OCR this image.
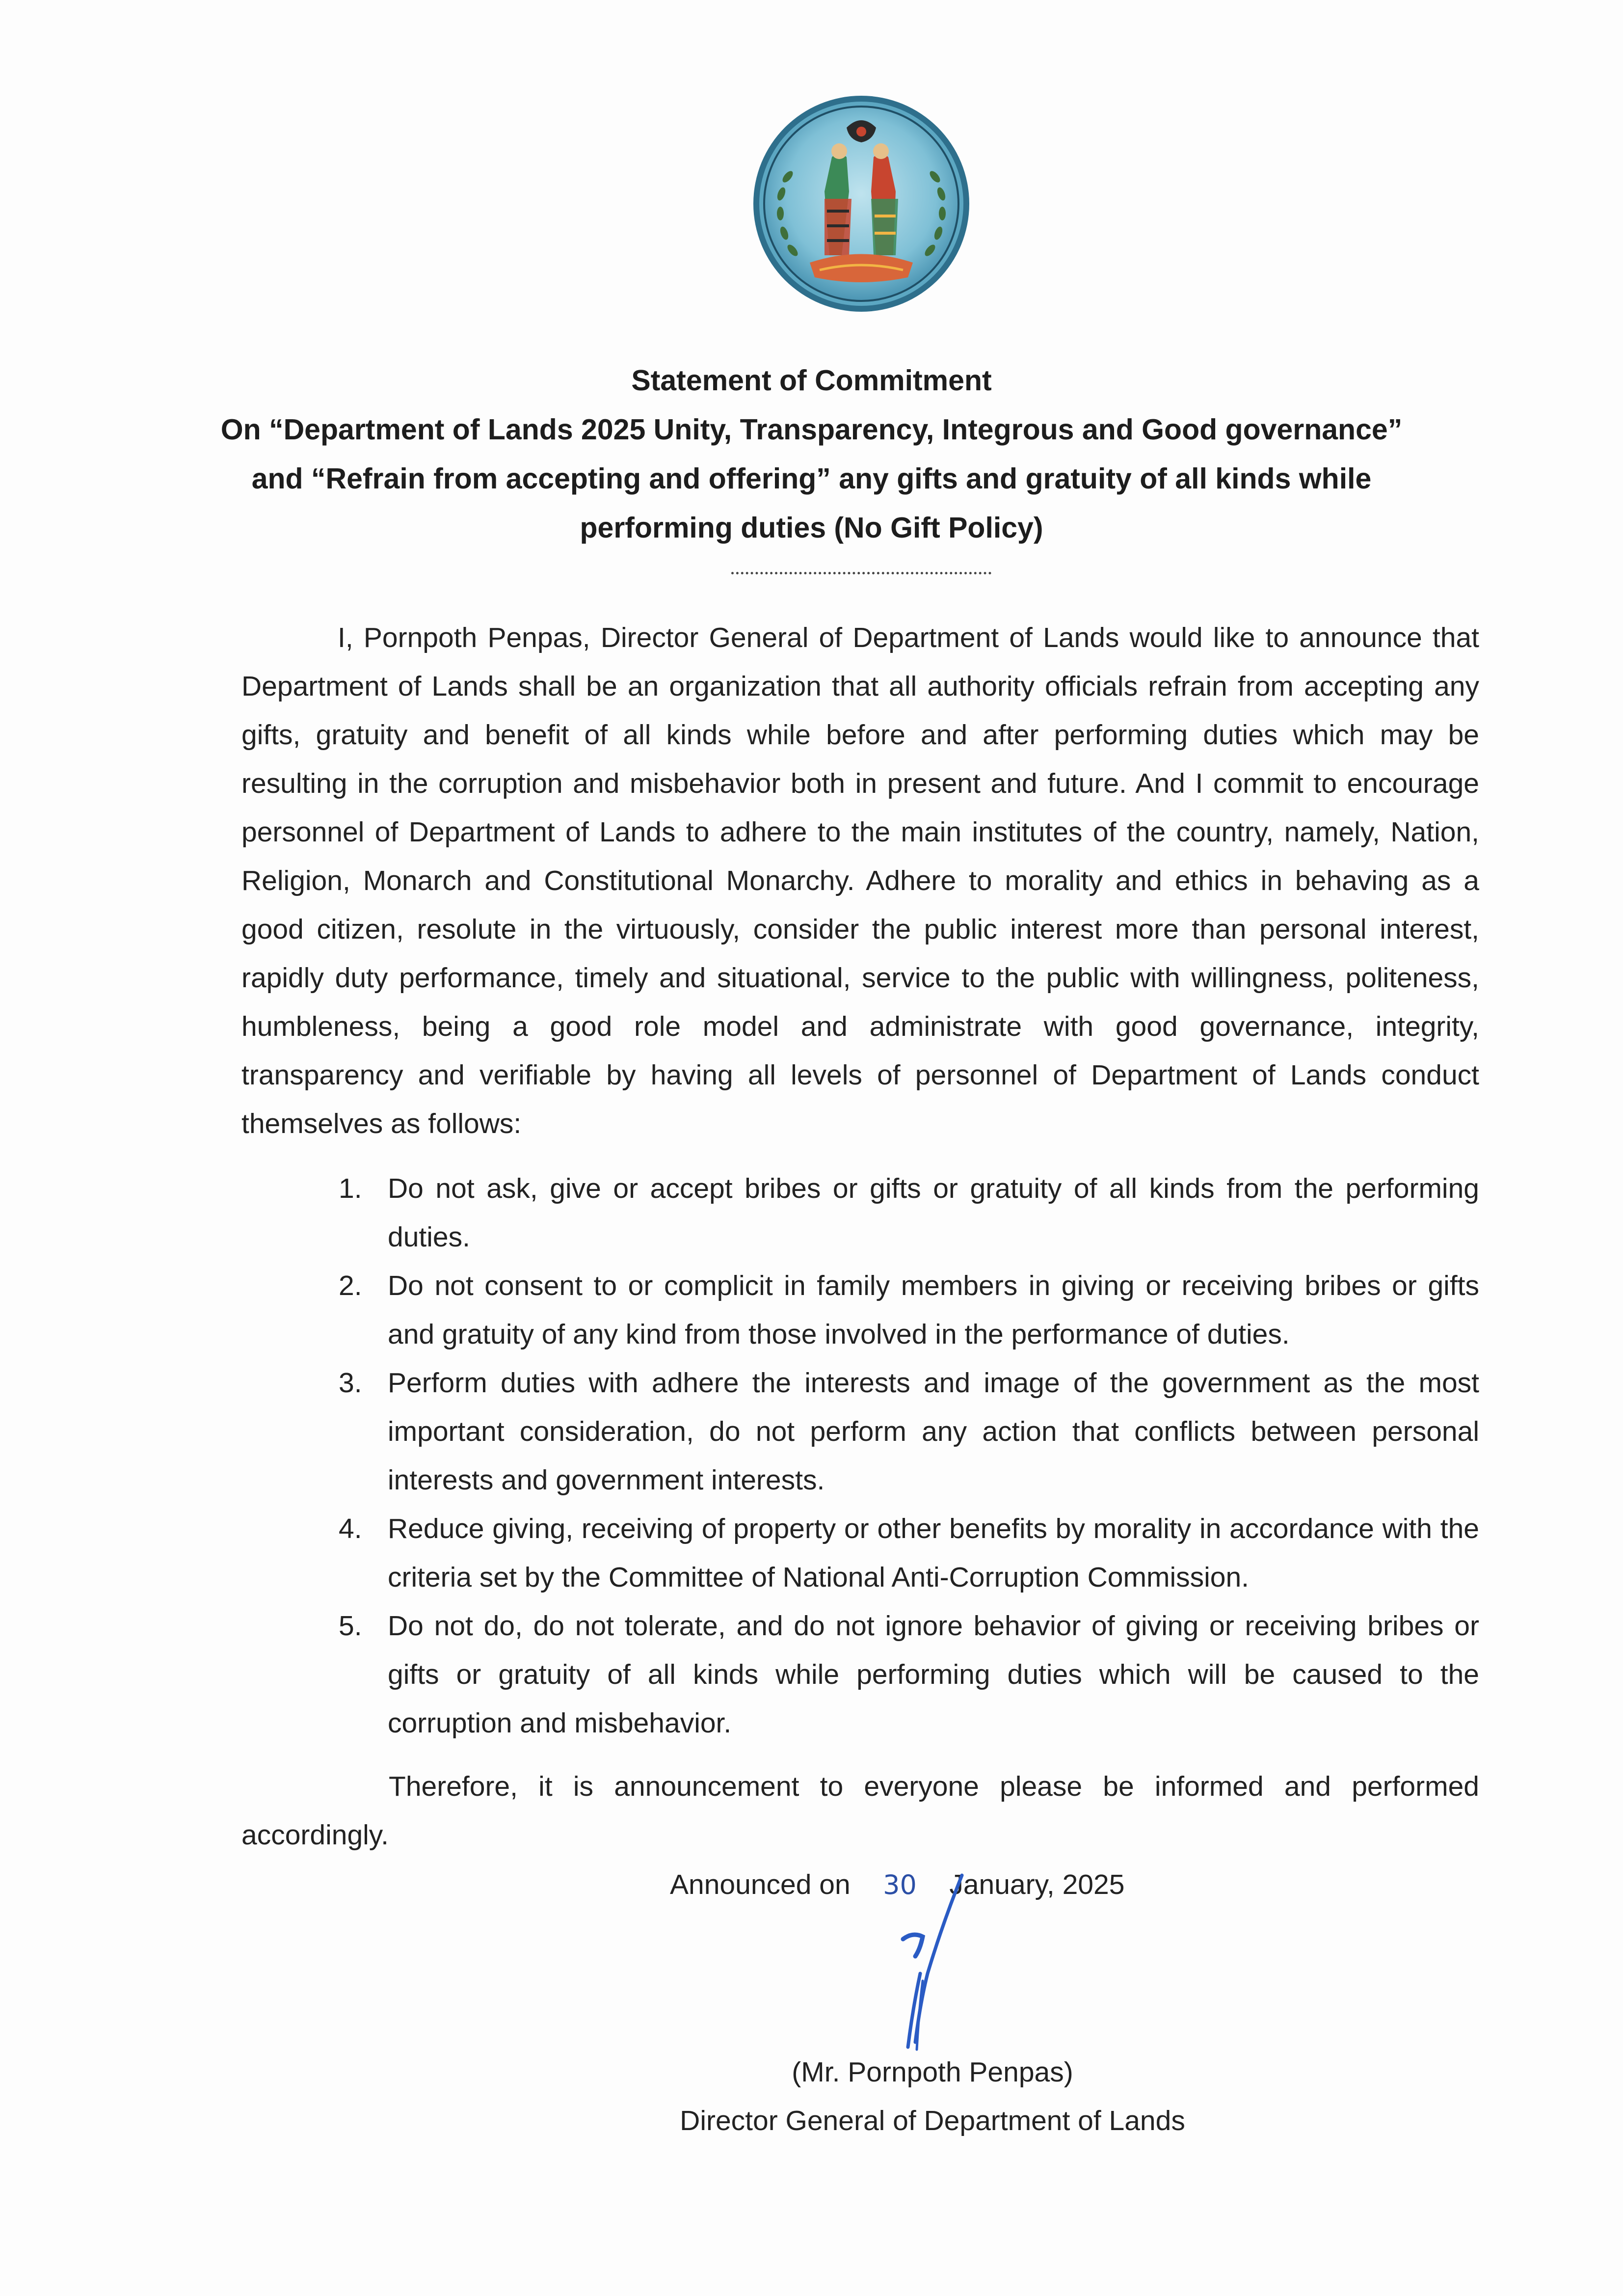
Statement of Commitment
On “Department of Lands 2025 Unity, Transparency, Integrous and Good governance”
and “Refrain from accepting and offering” any gifts and gratuity of all kinds while
performing duties (No Gift Policy)

I, Pornpoth Penpas, Director General of Department of Lands would like to announce that Department of Lands shall be an organization that all authority officials refrain from accepting any gifts, gratuity and benefit of all kinds while before and after performing duties which may be resulting in the corruption and misbehavior both in present and future. And I commit to encourage personnel of Department of Lands to adhere to the main institutes of the country, namely, Nation, Religion, Monarch and Constitutional Monarchy. Adhere to morality and ethics in behaving as a good citizen, resolute in the virtuously, consider the public interest more than personal interest, rapidly duty performance, timely and situational, service to the public with willingness, politeness, humbleness, being a good role model and administrate with good governance, integrity, transparency and verifiable by having all levels of personnel of Department of Lands conduct themselves as follows:

1. Do not ask, give or accept bribes or gifts or gratuity of all kinds from the performing duties.
2. Do not consent to or complicit in family members in giving or receiving bribes or gifts and gratuity of any kind from those involved in the performance of duties.
3. Perform duties with adhere the interests and image of the government as the most important consideration, do not perform any action that conflicts between personal interests and government interests.
4. Reduce giving, receiving of property or other benefits by morality in accordance with the criteria set by the Committee of National Anti-Corruption Commission.
5. Do not do, do not tolerate, and do not ignore behavior of giving or receiving bribes or gifts or gratuity of all kinds while performing duties which will be caused to the corruption and misbehavior.

Therefore, it is announcement to everyone please be informed and performed accordingly.

Announced on 30 January, 2025
(Mr. Pornpoth Penpas)
Director General of Department of Lands
